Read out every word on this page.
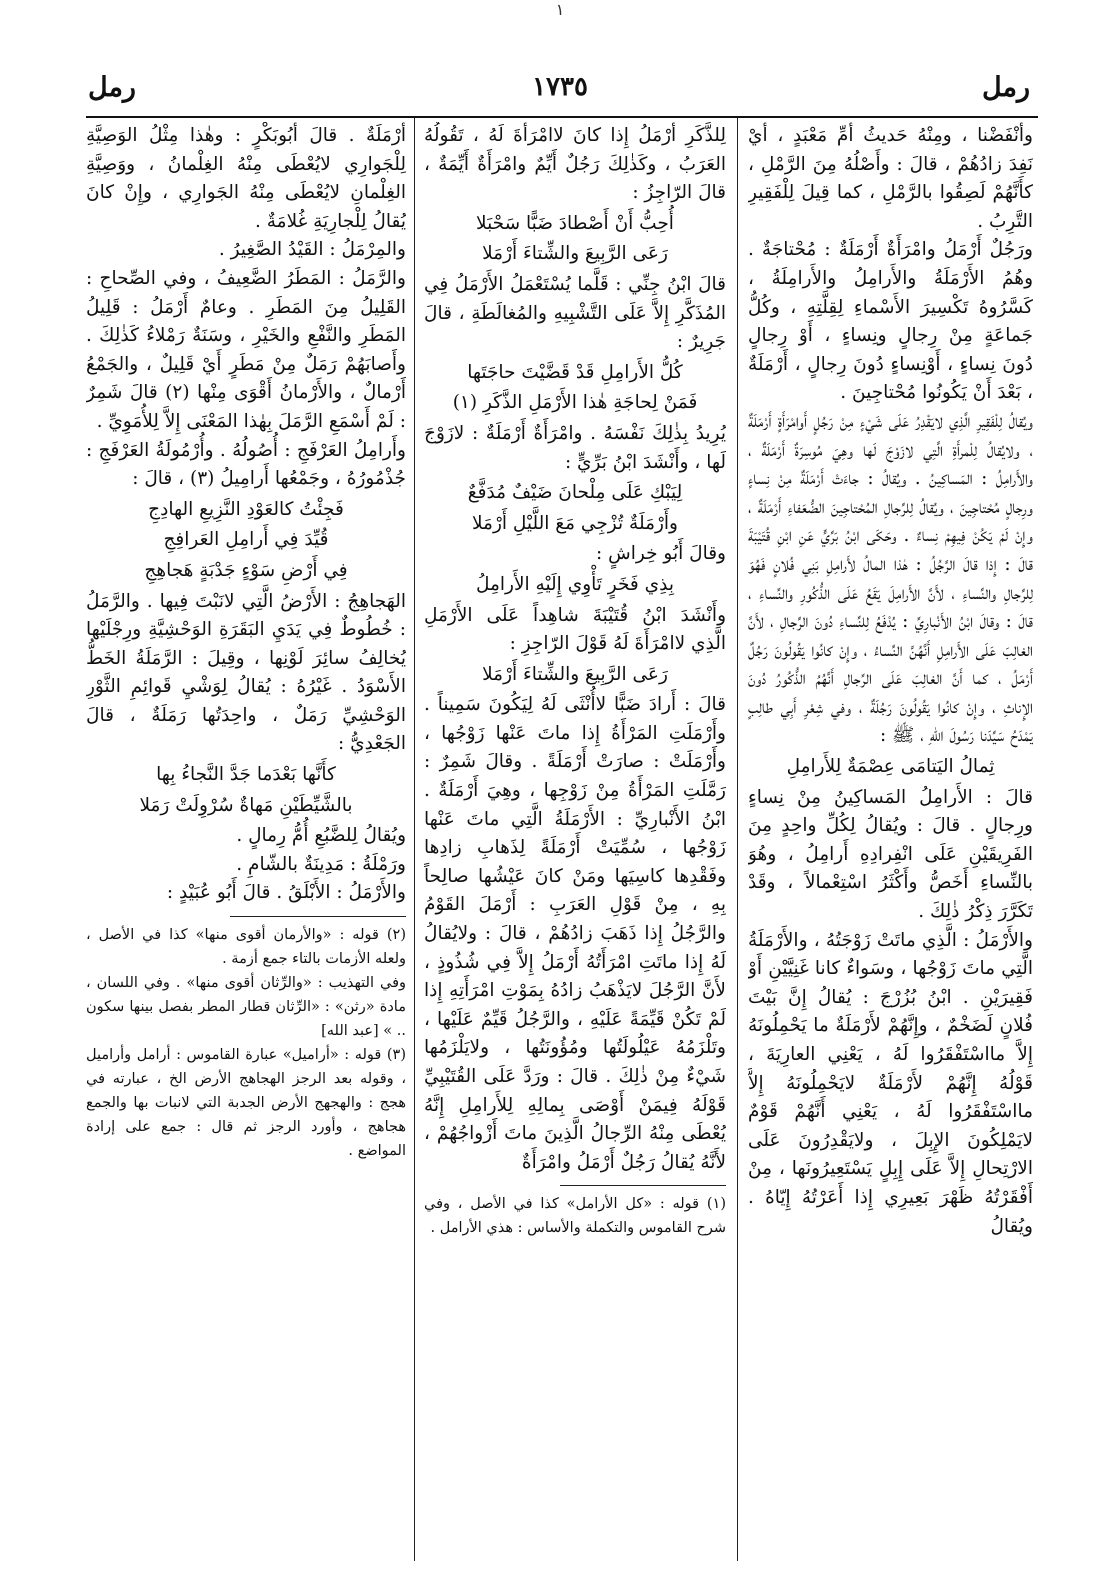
١
رمل
١٧٣٥
رمل

وأَنْفَضْنا ، ومِنْهُ حَديثُ أُمِّ مَعْبَدٍ ، أَيْ نَفِدَ زادُهُمْ ، قالَ : وأَصْلُهُ مِنَ الرَّمْلِ ، كأَنَّهُمْ لَصِقُوا بالرَّمْلِ ، كما قِيلَ لِلْفَقِيرِ التَّرِبُ .

ورَجُلٌ أَرْمَلُ وامْرَأَةٌ أَرْمَلَةٌ : مُحْتاجَةٌ . وهُمُ الأَرْمَلَةُ والأَرامِلُ والأَرامِلَةُ ، كَسَّرُوهُ تَكْسِيرَ الأَسْماءِ لِقِلَّتِهِ ، وكُلُّ جَماعَةٍ مِنْ رِجالٍ ونِساءٍ ، أَوْ رِجالٍ دُونَ نِساءٍ ، أَوْنِساءٍ دُونَ رِجالٍ ، أَرْمَلَةٌ ، بَعْدَ أَنْ يَكُونُوا مُحْتاجِينَ .

ويُقالُ لِلْفَقِيرِ الَّذِي لايَقْدِرُ عَلَى شَيْءٍ مِنْ رَجُلٍ أَوامْرَأَةٍ أَرْمَلَةٌ ، ولايُقالُ لِلْمرأَةِ الَّتِي لازَوْجَ لَها وهِيَ مُوسِرَةٌ أَرْمَلَةٌ ، والأَرامِلُ : المَساكِينُ . ويُقالُ : جاءَتْ أَرْمَلَةٌ مِنْ نِساءٍ ورِجالٍ مُحْتاجِينَ ، ويُقالُ لِلرِّجالِ المُحْتاجِينَ الضُّعَفاءِ أَرْمَلَةٌ ، وإِنْ لَمْ يَكُنْ فِيهِمْ نِساءٌ . وحَكَى ابْنُ بَرِّيٍّ عَنِ ابْنِ قُتَيْبَةَ قالَ : إِذا قالَ الرَّجُلُ : هٰذا المالُ لأَرامِلِ بَنِي فُلانٍ فَهُوَ لِلرِّجالِ والنِّساءِ ، لأَنَّ الأَرامِلَ يَقَعُ عَلَى الذُّكُورِ والنِّساءِ ، قالَ : وقالَ ابْنُ الأَنْبارِيِّ : يُدْفَعُ لِلنِّساءِ دُونَ الرِّجالِ ، لأَنَّ الغالِبَ عَلَى الأَرامِلِ أَنَّهُنَّ النِّساءُ ، وإِنْ كانُوا يَقُولُونَ رَجُلٌ أَرْمَلُ ، كما أَنَّ الغالِبَ عَلَى الرِّجالِ أَنَّهُمُ الذُّكُورُ دُونَ الإِناثِ ، وإِنْ كانُوا يَقُولُونَ رَجُلَةٌ ، وفي شِعْرِ أَبِي طالِبٍ يَمْدَحُ سَيِّدَنا رَسُولَ اللهِ ، ﷺ :

ثِمالُ اليَتامَى عِصْمَةٌ لِلأَرامِلِ

قالَ : الأَرامِلُ المَساكِينُ مِنْ نِساءٍ ورِجالٍ . قالَ : ويُقالُ لِكُلِّ واحِدٍ مِنَ الفَرِيقَيْنِ عَلَى انْفِرادِهِ أَرامِلُ ، وهُوَ بالنِّساءِ أَخَصُّ وأَكْثَرُ اسْتِعْمالاً ، وقَدْ تَكَرَّرَ ذِكْرُ ذٰلِكَ .

والأَرْمَلُ : الَّذِي ماتَتْ زَوْجَتُهُ ، والأَرْمَلَةُ الَّتِي ماتَ زَوْجُها ، وسَواءٌ كانا غَنِيَّيْنِ أَوْ فَقِيرَيْنِ . ابْنُ بُزُرْجَ : يُقالُ إِنَّ بَيْتَ فُلانٍ لَضَخْمٌ ، وإِنَّهُمْ لأَرْمَلَةٌ ما يَحْمِلُونَهُ إِلاَّ مااسْتَفْقَرُوا لَهُ ، يَعْنِي العارِيَةَ ، قَوْلُهُ إِنَّهُمْ لأَرْمَلَةٌ لايَحْمِلُونَهُ إِلاَّ مااسْتَفْقَرُوا لَهُ ، يَعْنِي أَنَّهُمْ قَوْمٌ لايَمْلِكُونَ الإِبِلَ ، ولايَقْدِرُونَ عَلَى الارْتِحالِ إِلاَّ عَلَى إِبِلٍ يَسْتَعِيرُونَها ، مِنْ أَفْقَرْتُهُ ظَهْرَ بَعِيرِي إِذا أَعَرْتُهُ إِيّاهُ . ويُقالُ

لِلذَّكَرِ أَرْمَلُ إِذا كانَ لاامْرَأَةَ لَهُ ، تَقُولُهُ العَرَبُ ، وكَذٰلِكَ رَجُلٌ أَيِّمٌ وامْرَأَةٌ أَيِّمَةٌ ، قالَ الرّاجِزُ :

أُحِبُّ أَنْ أَصْطادَ ضَبًّا سَحْبَلا

رَعَى الرَّبِيعَ والشِّتاءَ أَرْمَلا

قالَ ابْنُ جِنِّي : قَلَّما يُسْتَعْمَلُ الأَرْمَلُ فِي المُذَكَّرِ إِلاَّ عَلَى التَّشْبِيهِ والمُغالَطَةِ ، قالَ جَرِيرٌ :

كُلُّ الأَرامِلِ قَدْ قَضَّيْتَ حاجَتَها

فَمَنْ لِحاجَةِ هٰذا الأَرْمَلِ الذَّكَرِ (١)

يُرِيدُ بِذٰلِكَ نَفْسَهُ . وامْرَأَةٌ أَرْمَلَةٌ : لازَوْجَ لَها ، وأَنْشَدَ ابْنُ بَرِّيٍّ :

لِيَبْكِ عَلَى مِلْحانَ ضَيْفٌ مُدَفَّعٌ

وأَرْمَلَةٌ تُزْجِي مَعَ اللَّيْلِ أَرْمَلا

وقالَ أَبُو خِراشٍ :

بِذِي فَخَرٍ تَأْوِي إِلَيْهِ الأَرامِلُ

وأَنْشَدَ ابْنُ قُتَيْبَةَ شاهِداً عَلَى الأَرْمَلِ الَّذِي لاامْرَأَةَ لَهُ قَوْلَ الرّاجِزِ :

رَعَى الرَّبِيعَ والشِّتاءَ أَرْمَلا

قالَ : أَرادَ ضَبًّا لاأُنْثَى لَهُ لِيَكُونَ سَمِيناً . وأَرْمَلَتِ المَرْأَةُ إِذا ماتَ عَنْها زَوْجُها ، وأَرْمَلَتْ : صارَتْ أَرْمَلَةً . وقالَ شَمِرٌ : رَمَّلَتِ المَرْأَةُ مِنْ زَوْجِها ، وهِيَ أَرْمَلَةٌ . ابْنُ الأَنْبارِيِّ : الأَرْمَلَةُ الَّتِي ماتَ عَنْها زَوْجُها ، سُمِّيَتْ أَرْمَلَةً لِذَهابِ زادِها وفَقْدِها كاسِيَها ومَنْ كانَ عَيْشُها صالِحاً بِهِ ، مِنْ قَوْلِ العَرَبِ : أَرْمَلَ القَوْمُ والرَّجُلُ إِذا ذَهَبَ زادُهُمْ ، قالَ : ولايُقالُ لَهُ إِذا ماتَتِ امْرَأَتُهُ أَرْمَلُ إِلاَّ فِي شُذُوذٍ ، لأَنَّ الرَّجُلَ لايَذْهَبُ زادُهُ بِمَوْتِ امْرَأَتِهِ إِذا لَمْ تَكُنْ قَيِّمَةً عَلَيْهِ ، والرَّجُلُ قَيِّمٌ عَلَيْها ، وتَلْزَمُهُ عَيْلُولَتُها ومُؤُونَتُها ، ولايَلْزَمُها شَيْءٌ مِنْ ذٰلِكَ . قالَ : ورَدَّ عَلَى القُتَيْبِيِّ قَوْلَهُ فِيمَنْ أَوْصَى بِمالِهِ لِلأَرامِلِ إِنَّهُ يُعْطَى مِنْهُ الرِّجالُ الَّذِينَ ماتَ أَزْواجُهُمْ ، لأَنَّهُ يُقالُ رَجُلٌ أَرْمَلُ وامْرَأَةٌ

(١) قوله : «كل الأرامل» كذا في الأصل ، وفي شرح القاموس والتكملة والأساس : هذي الأرامل .

أَرْمَلَةٌ . قالَ أَبُوبَكْرٍ : وهٰذا مِثْلُ الوَصِيَّةِ لِلْجَوارِي لايُعْطَى مِنْهُ الغِلْمانُ ، ووَصِيَّةِ الغِلْمانِ لايُعْطَى مِنْهُ الجَوارِي ، وإِنْ كانَ يُقالُ لِلْجارِيَةِ غُلامَةٌ .

والمِرْمَلُ : القَيْدُ الصَّغِيرُ .

والرَّمَلُ : المَطَرُ الضَّعِيفُ ، وفي الصِّحاحِ : القَلِيلُ مِنَ المَطَرِ . وعامٌ أَرْمَلُ : قَلِيلُ المَطَرِ والنَّفْعِ والخَيْرِ ، وسَنَةٌ رَمْلاءُ كَذٰلِكَ . وأَصابَهُمْ رَمَلٌ مِنْ مَطَرٍ أَيْ قَلِيلٌ ، والجَمْعُ أَرْمالٌ ، والأَرْمانُ أَقْوَى مِنْها (٢) قالَ شَمِرٌ : لَمْ أَسْمَعِ الرَّمَلَ بِهٰذا المَعْنَى إِلاَّ لِلأُمَوِيِّ .

وأَرامِلُ العَرْفَجِ : أُصُولُهُ . وأُرْمُولَةُ العَرْفَجِ : جُذْمُورُهُ ، وجَمْعُها أَرامِيلُ (٣) ، قالَ :

فَجِئْتُ كالعَوْدِ النَّزِيعِ الهادِجِ

قُيِّدَ فِي أَرامِلِ العَرافِجِ

فِي أَرْضِ سَوْءٍ جَدْبَةٍ هَجاهِجِ

الهَجاهِجُ : الأَرْضُ الَّتِي لانَبْتَ فِيها . والرَّمَلُ : خُطُوطٌ فِي يَدَيِ البَقَرَةِ الوَحْشِيَّةِ ورِجْلَيْها يُخالِفُ سائِرَ لَوْنِها ، وقِيلَ : الرَّمَلَةُ الخَطُّ الأَسْوَدُ . غَيْرُهُ : يُقالُ لِوَشْيِ قَوائِمِ الثَّوْرِ الوَحْشِيِّ رَمَلٌ ، واحِدَتُها رَمَلَةٌ ، قالَ الجَعْدِيُّ :

كأَنَّها بَعْدَما جَدَّ النَّجاءُ بِها

بالشَّيِّطَيْنِ مَهاةٌ سُرْوِلَتْ رَمَلا

ويُقالُ لِلضَّبُعِ أُمُّ رِمالٍ .

ورَمْلَةُ : مَدِينَةٌ بالشّامِ .

والأَرْمَلُ : الأَبْلَقُ . قالَ أَبُو عُبَيْدٍ :

(٢) قوله : «والأرمان أقوى منها» كذا في الأصل ، ولعله الأزمات بالتاء جمع أزمة .

وفي التهذيب : «والرِّثان أقوى منها» . وفي اللسان ، مادة «رثن» : «الرِّثان قطار المطر بفصل بينها سكون .. » [عبد الله]

(٣) قوله : «أراميل» عبارة القاموس : أرامل وأراميل ، وقوله بعد الرجز الهجاهج الأرض الخ ، عبارته في هجج : والهجهج الأرض الجدبة التي لانبات بها والجمع هجاهج ، وأورد الرجز ثم قال : جمع على إرادة المواضع .
